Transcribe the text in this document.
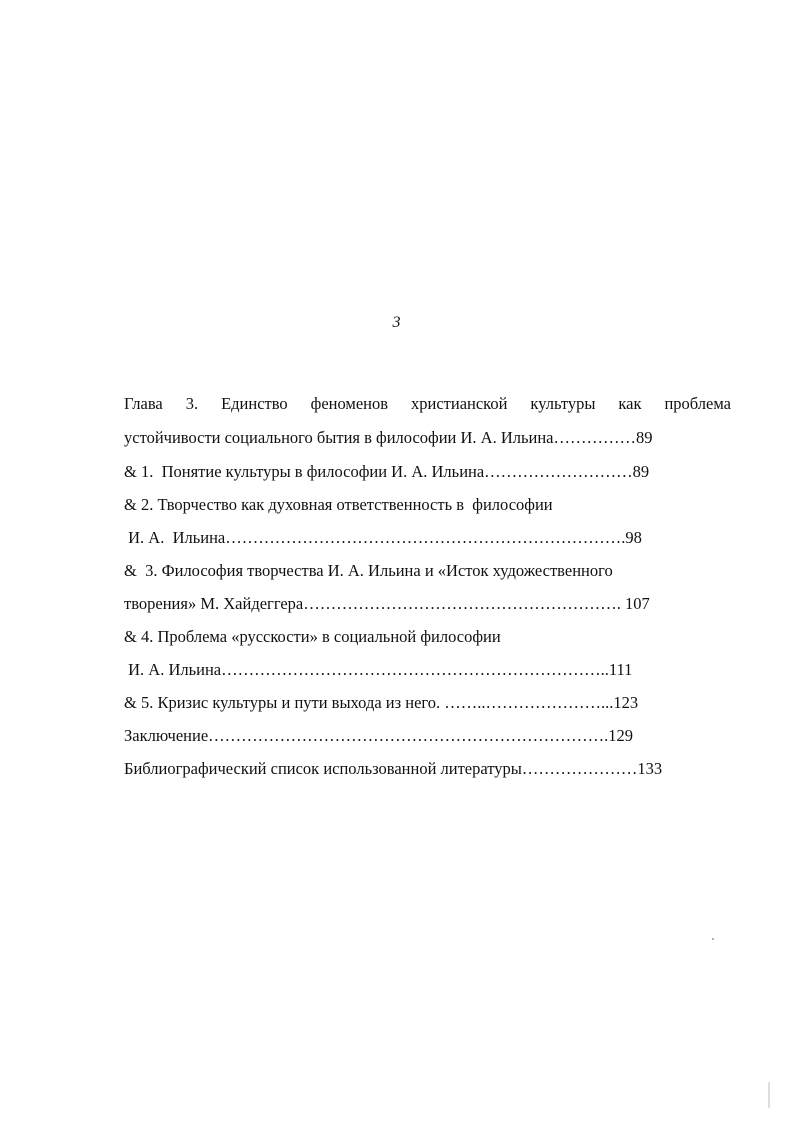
3
Глава 3. Единство феноменов христианской культуры как проблема
устойчивости социального бытия в философии И. А. Ильина……………89
& 1.  Понятие культуры в философии И. А. Ильина………………………89
& 2. Творчество как духовная ответственность в  философии
И. А.  Ильина……………………………………………………………….98
&  3. Философия творчества И. А. Ильина и «Исток художественного
творения» М. Хайдеггера…………………………………………………. 107
& 4. Проблема «русскости» в социальной философии
И. А. Ильина……………………………………………………………..111
& 5. Кризис культуры и пути выхода из него. ……..…………………...123
Заключение……………………………………………………………….129
Библиографический список использованной литературы…………………133
